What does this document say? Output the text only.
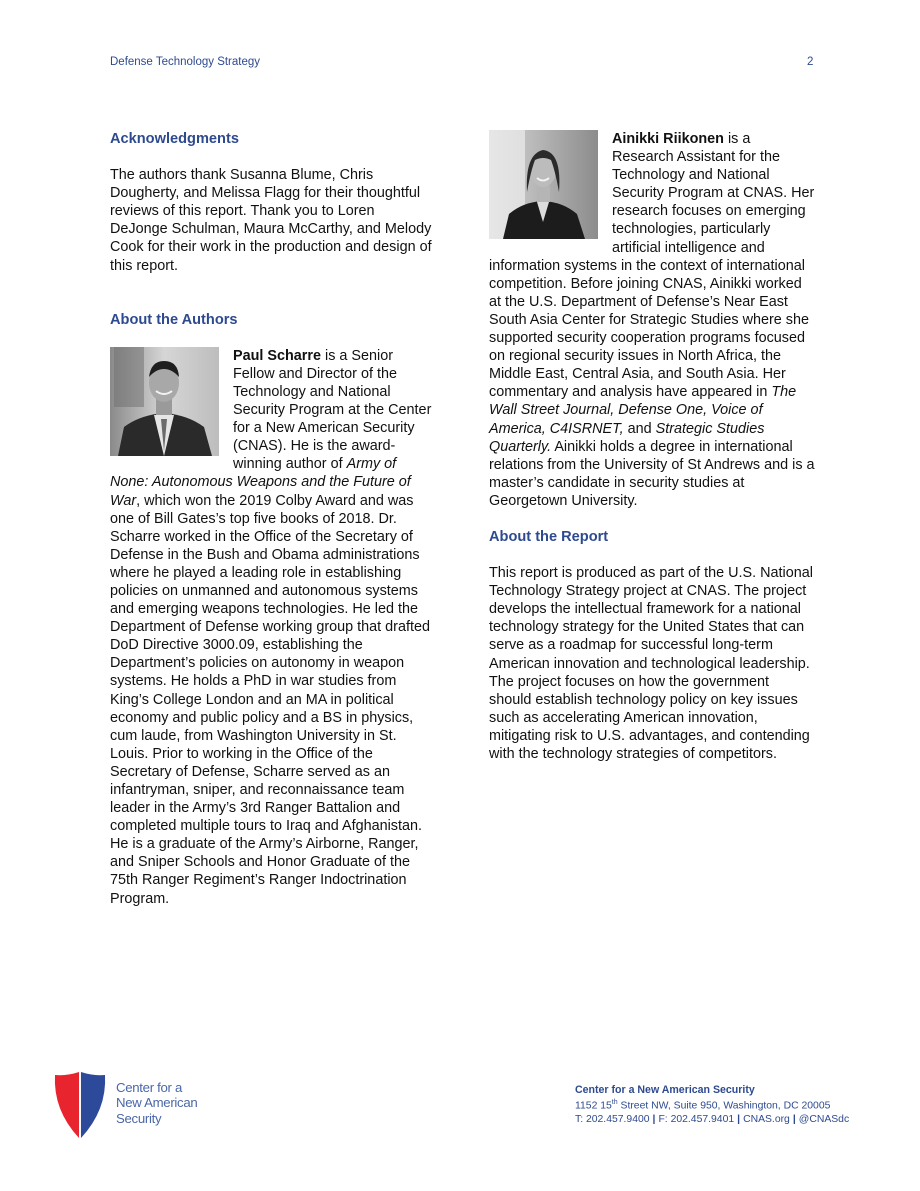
Defense Technology Strategy	2
Acknowledgments

The authors thank Susanna Blume, Chris Dougherty, and Melissa Flagg for their thoughtful reviews of this report. Thank you to Loren DeJonge Schulman, Maura McCarthy, and Melody Cook for their work in the production and design of this report.

About the Authors
Paul Scharre is a Senior Fellow and Director of the Technology and National Security Program at the Center for a New American Security (CNAS). He is the award-winning author of Army of None: Autonomous Weapons and the Future of War, which won the 2019 Colby Award and was one of Bill Gates’s top five books of 2018. Dr. Scharre worked in the Office of the Secretary of Defense in the Bush and Obama administrations where he played a leading role in establishing policies on unmanned and autonomous systems and emerging weapons technologies. He led the Department of Defense working group that drafted DoD Directive 3000.09, establishing the Department’s policies on autonomy in weapon systems. He holds a PhD in war studies from King’s College London and an MA in political economy and public policy and a BS in physics, cum laude, from Washington University in St. Louis. Prior to working in the Office of the Secretary of Defense, Scharre served as an infantryman, sniper, and reconnaissance team leader in the Army’s 3rd Ranger Battalion and completed multiple tours to Iraq and Afghanistan. He is a graduate of the Army’s Airborne, Ranger, and Sniper Schools and Honor Graduate of the 75th Ranger Regiment’s Ranger Indoctrination Program.
Ainikki Riikonen is a Research Assistant for the Technology and National Security Program at CNAS. Her research focuses on emerging technologies, particularly artificial intelligence and information systems in the context of international competition. Before joining CNAS, Ainikki worked at the U.S. Department of Defense’s Near East South Asia Center for Strategic Studies where she supported security cooperation programs focused on regional security issues in North Africa, the Middle East, Central Asia, and South Asia. Her commentary and analysis have appeared in The Wall Street Journal, Defense One, Voice of America, C4ISRNET, and Strategic Studies Quarterly. Ainikki holds a degree in international relations from the University of St Andrews and is a master’s candidate in security studies at Georgetown University.
About the Report

This report is produced as part of the U.S. National Technology Strategy project at CNAS. The project develops the intellectual framework for a national technology strategy for the United States that can serve as a roadmap for successful long-term American innovation and technological leadership. The project focuses on how the government should establish technology policy on key issues such as accelerating American innovation, mitigating risk to U.S. advantages, and contending with the technology strategies of competitors.

Center for a
New American
Security
Center for a New American Security
1152 15th Street NW, Suite 950, Washington, DC 20005
T: 202.457.9400 | F: 202.457.9401 | CNAS.org | @CNASdc
